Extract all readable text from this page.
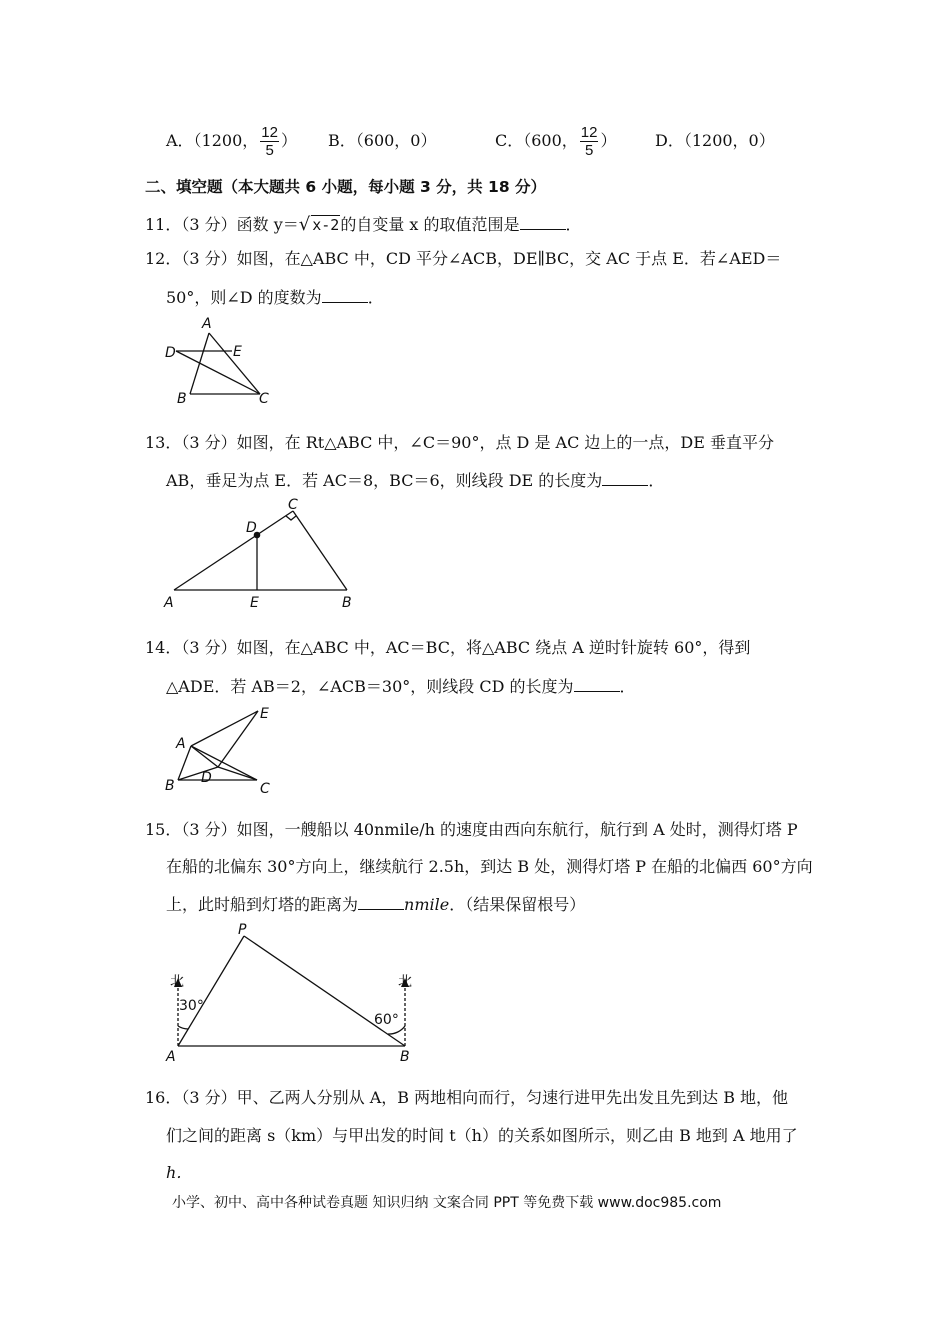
A．（1200， $\frac{12}{5}$ ） B．（600，0）	C．（600， $\frac{12}{5}$ ） D．（1200，0）
二、填空题（本大题共 6 小题，每小题 3 分，共 18 分）
11．（3 分）函数 y＝√ x-2的自变量 x 的取值范围是	．
12．（3 分）如图，在△ABC 中，CD 平分∠ACB，DE∥BC，交 AC 于点 E．若∠AED＝
50°，则∠D 的度数为	．
A
D	E
B	C
13．（3 分）如图，在 Rt△ABC 中，∠C＝90°，点 D 是 AC 边上的一点，DE 垂直平分
AB，垂足为点 E．若 AC＝8，BC＝6，则线段 DE 的长度为	．
A	E	B
C
D
14．（3 分）如图，在△ABC 中，AC＝BC，将△ABC 绕点 A 逆时针旋转 60°，得到
△ADE．若 AB＝2，∠ACB＝30°，则线段 CD 的长度为	．
E
A
D
B	C
15．（3 分）如图，一艘船以 40nmile/h 的速度由西向东航行，航行到 A 处时，测得灯塔 P
在船的北偏东 30°方向上，继续航行 2.5h，到达 B 处，测得灯塔 P 在船的北偏西 60°方向
上，此时船到灯塔的距离为	nmile．（结果保留根号）
北	北
30°
60°
P
A	B
16．（3 分）甲、乙两人分别从 A，B 两地相向而行，匀速行进甲先出发且先到达 B 地，他
们之间的距离 s（km）与甲出发的时间 t（h）的关系如图所示，则乙由 B 地到 A 地用了
h．
小学、初中、高中各种试卷真题 知识归纳 文案合同 PPT 等免费下载 www.doc985.com
